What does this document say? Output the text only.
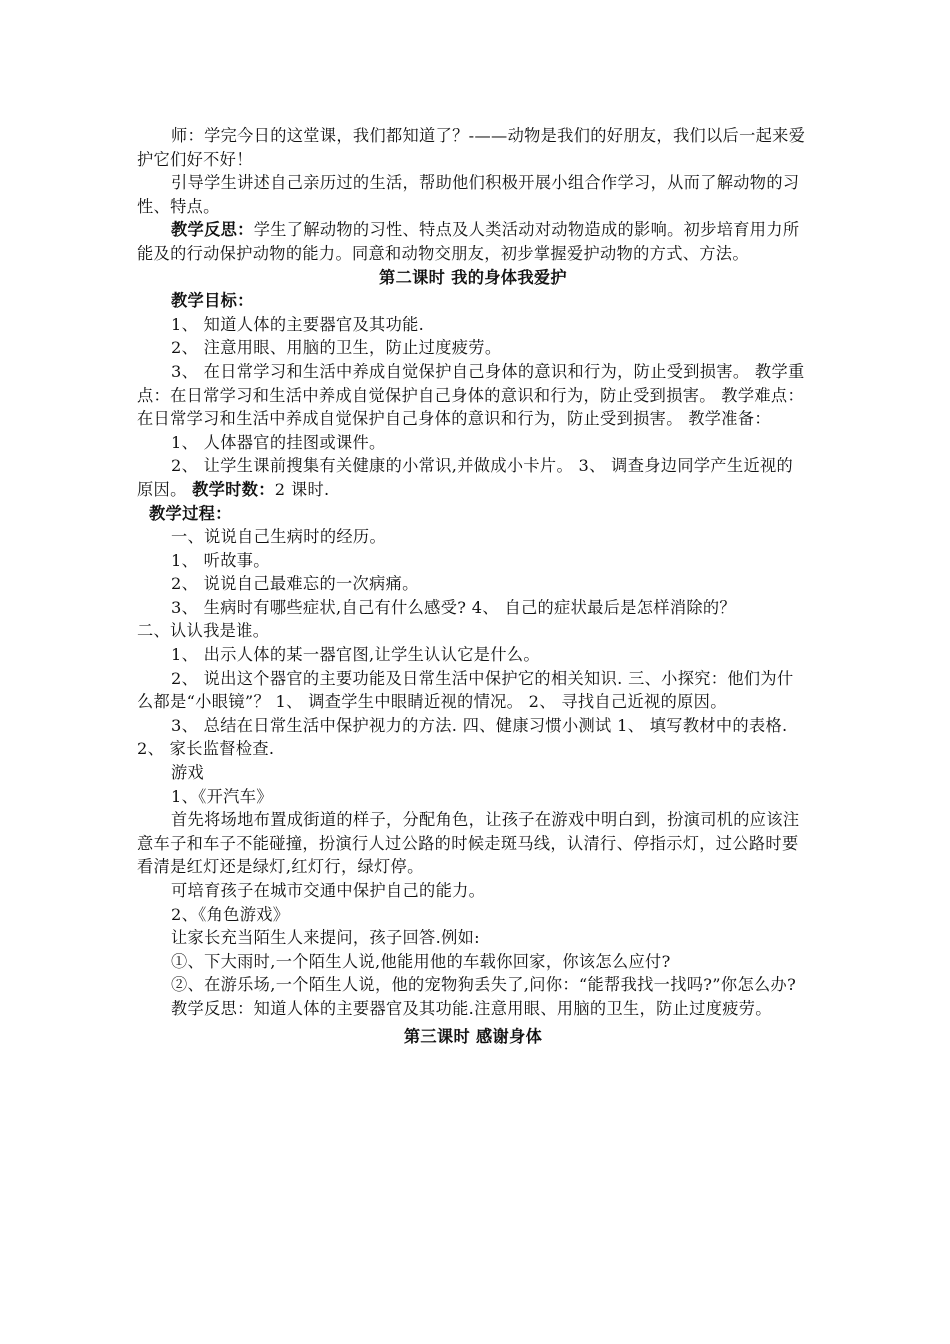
师：学完今日的这堂课，我们都知道了？-——动物是我们的好朋友，我们以后一起来爱护它们好不好！

引导学生讲述自己亲历过的生活，帮助他们积极开展小组合作学习，从而了解动物的习性、特点。

教学反思：学生了解动物的习性、特点及人类活动对动物造成的影响。初步培育用力所能及的行动保护动物的能力。同意和动物交朋友，初步掌握爱护动物的方式、方法。

第二课时 我的身体我爱护

教学目标：

1、 知道人体的主要器官及其功能.

2、 注意用眼、用脑的卫生，防止过度疲劳。

3、 在日常学习和生活中养成自觉保护自己身体的意识和行为，防止受到损害。 教学重点：在日常学习和生活中养成自觉保护自己身体的意识和行为，防止受到损害。 教学难点：在日常学习和生活中养成自觉保护自己身体的意识和行为，防止受到损害。 教学准备：

1、 人体器官的挂图或课件。

2、 让学生课前搜集有关健康的小常识,并做成小卡片。 3、 调查身边同学产生近视的原因。 教学时数：2 课时.

教学过程：

一、说说自己生病时的经历。

1、 听故事。

2、 说说自己最难忘的一次病痛。

3、 生病时有哪些症状,自己有什么感受? 4、 自己的症状最后是怎样消除的？

二、认认我是谁。

1、 出示人体的某一器官图,让学生认认它是什么。

2、 说出这个器官的主要功能及日常生活中保护它的相关知识. 三、小探究：他们为什么都是“小眼镜”？ 1、 调查学生中眼睛近视的情况。 2、 寻找自己近视的原因。

3、 总结在日常生活中保护视力的方法. 四、健康习惯小测试 1、 填写教材中的表格. 2、 家长监督检查.

游戏

1、《开汽车》

首先将场地布置成街道的样子，分配角色，让孩子在游戏中明白到，扮演司机的应该注意车子和车子不能碰撞，扮演行人过公路的时候走斑马线，认清行、停指示灯，过公路时要看清是红灯还是绿灯,红灯行，绿灯停。

可培育孩子在城市交通中保护自己的能力。

2、《角色游戏》

让家长充当陌生人来提问，孩子回答.例如:

①、下大雨时,一个陌生人说,他能用他的车载你回家，你该怎么应付?

②、在游乐场,一个陌生人说，他的宠物狗丢失了,问你：“能帮我找一找吗?”你怎么办?

教学反思：知道人体的主要器官及其功能.注意用眼、用脑的卫生，防止过度疲劳。

第三课时 感谢身体
